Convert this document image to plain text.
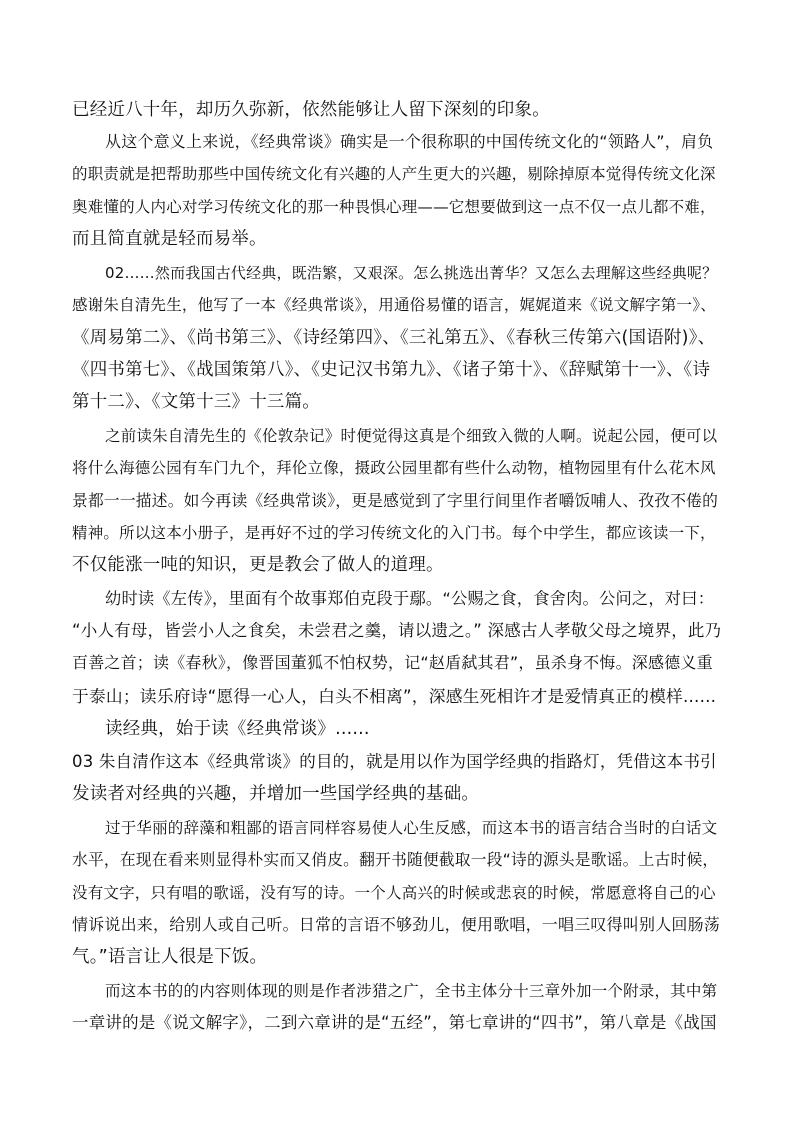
已经近八十年，却历久弥新，依然能够让人留下深刻的印象。
从这个意义上来说，《经典常谈》确实是一个很称职的中国传统文化的“领路人”，肩负
的职责就是把帮助那些中国传统文化有兴趣的人产生更大的兴趣，剔除掉原本觉得传统文化深
奥难懂的人内心对学习传统文化的那一种畏惧心理——它想要做到这一点不仅一点儿都不难，
而且简直就是轻而易举。
02……然而我国古代经典，既浩繁，又艰深。怎么挑选出菁华？又怎么去理解这些经典呢？
感谢朱自清先生，他写了一本《经典常谈》，用通俗易懂的语言，娓娓道来《说文解字第一》、
《周易第二》、《尚书第三》、《诗经第四》、《三礼第五》、《春秋三传第六(国语附)》、
《四书第七》、《战国策第八》、《史记汉书第九》、《诸子第十》、《辞赋第十一》、《诗
第十二》、《文第十三》十三篇。
之前读朱自清先生的《伦敦杂记》时便觉得这真是个细致入微的人啊。说起公园，便可以
将什么海德公园有车门九个，拜伦立像，摄政公园里都有些什么动物，植物园里有什么花木风
景都一一描述。如今再读《经典常谈》，更是感觉到了字里行间里作者嚼饭哺人、孜孜不倦的
精神。所以这本小册子，是再好不过的学习传统文化的入门书。每个中学生，都应该读一下，
不仅能涨一吨的知识，更是教会了做人的道理。
幼时读《左传》，里面有个故事郑伯克段于鄢。“公赐之食，食舍肉。公问之，对曰：
“小人有母，皆尝小人之食矣，未尝君之羹，请以遗之。” 深感古人孝敬父母之境界，此乃
百善之首；读《春秋》，像晋国董狐不怕权势，记“赵盾弑其君”，虽杀身不悔。深感德义重
于泰山；读乐府诗“愿得一心人，白头不相离”，深感生死相许才是爱情真正的模样......
读经典，始于读《经典常谈》......
03 朱自清作这本《经典常谈》的目的，就是用以作为国学经典的指路灯，凭借这本书引
发读者对经典的兴趣，并增加一些国学经典的基础。
过于华丽的辞藻和粗鄙的语言同样容易使人心生反感，而这本书的语言结合当时的白话文
水平，在现在看来则显得朴实而又俏皮。翻开书随便截取一段“诗的源头是歌谣。上古时候，
没有文字，只有唱的歌谣，没有写的诗。一个人高兴的时候或悲哀的时候，常愿意将自己的心
情诉说出来，给别人或自己听。日常的言语不够劲儿，便用歌唱，一唱三叹得叫别人回肠荡
气。”语言让人很是下饭。
而这本书的的内容则体现的则是作者涉猎之广，全书主体分十三章外加一个附录，其中第
一章讲的是《说文解字》，二到六章讲的是“五经”，第七章讲的“四书”，第八章是《战国
